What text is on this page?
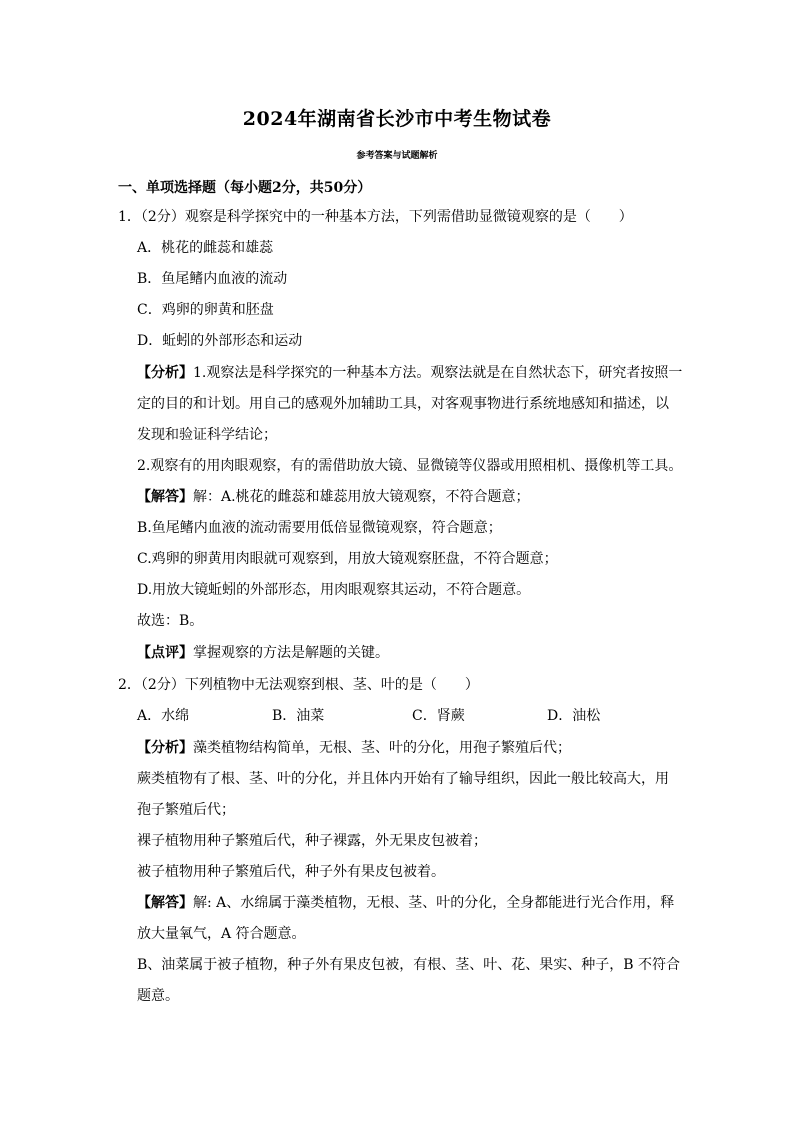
2024年湖南省长沙市中考生物试卷
参考答案与试题解析
一、单项选择题（每小题2分，共50分）
1．（2分）观察是科学探究中的一种基本方法，下列需借助显微镜观察的是（　　）
A．桃花的雌蕊和雄蕊
B．鱼尾鳍内血液的流动
C．鸡卵的卵黄和胚盘
D．蚯蚓的外部形态和运动
【分析】1.观察法是科学探究的一种基本方法。观察法就是在自然状态下，研究者按照一
定的目的和计划。用自己的感观外加辅助工具，对客观事物进行系统地感知和描述，以
发现和验证科学结论；
2.观察有的用肉眼观察，有的需借助放大镜、显微镜等仪器或用照相机、摄像机等工具。
【解答】解：A.桃花的雌蕊和雄蕊用放大镜观察，不符合题意；
B.鱼尾鳍内血液的流动需要用低倍显微镜观察，符合题意；
C.鸡卵的卵黄用肉眼就可观察到，用放大镜观察胚盘，不符合题意；
D.用放大镜蚯蚓的外部形态，用肉眼观察其运动，不符合题意。
故选：B。
【点评】掌握观察的方法是解题的关键。
2．（2分）下列植物中无法观察到根、茎、叶的是（　　）
A．水绵	B．油菜	C．肾蕨	D．油松
【分析】藻类植物结构简单，无根、茎、叶的分化，用孢子繁殖后代；
蕨类植物有了根、茎、叶的分化，并且体内开始有了输导组织，因此一般比较高大，用
孢子繁殖后代；
裸子植物用种子繁殖后代，种子裸露，外无果皮包被着；
被子植物用种子繁殖后代，种子外有果皮包被着。
【解答】解: A、水绵属于藻类植物，无根、茎、叶的分化，全身都能进行光合作用，释
放大量氧气，A 符合题意。
B、油菜属于被子植物，种子外有果皮包被，有根、茎、叶、花、果实、种子，B 不符合
题意。
